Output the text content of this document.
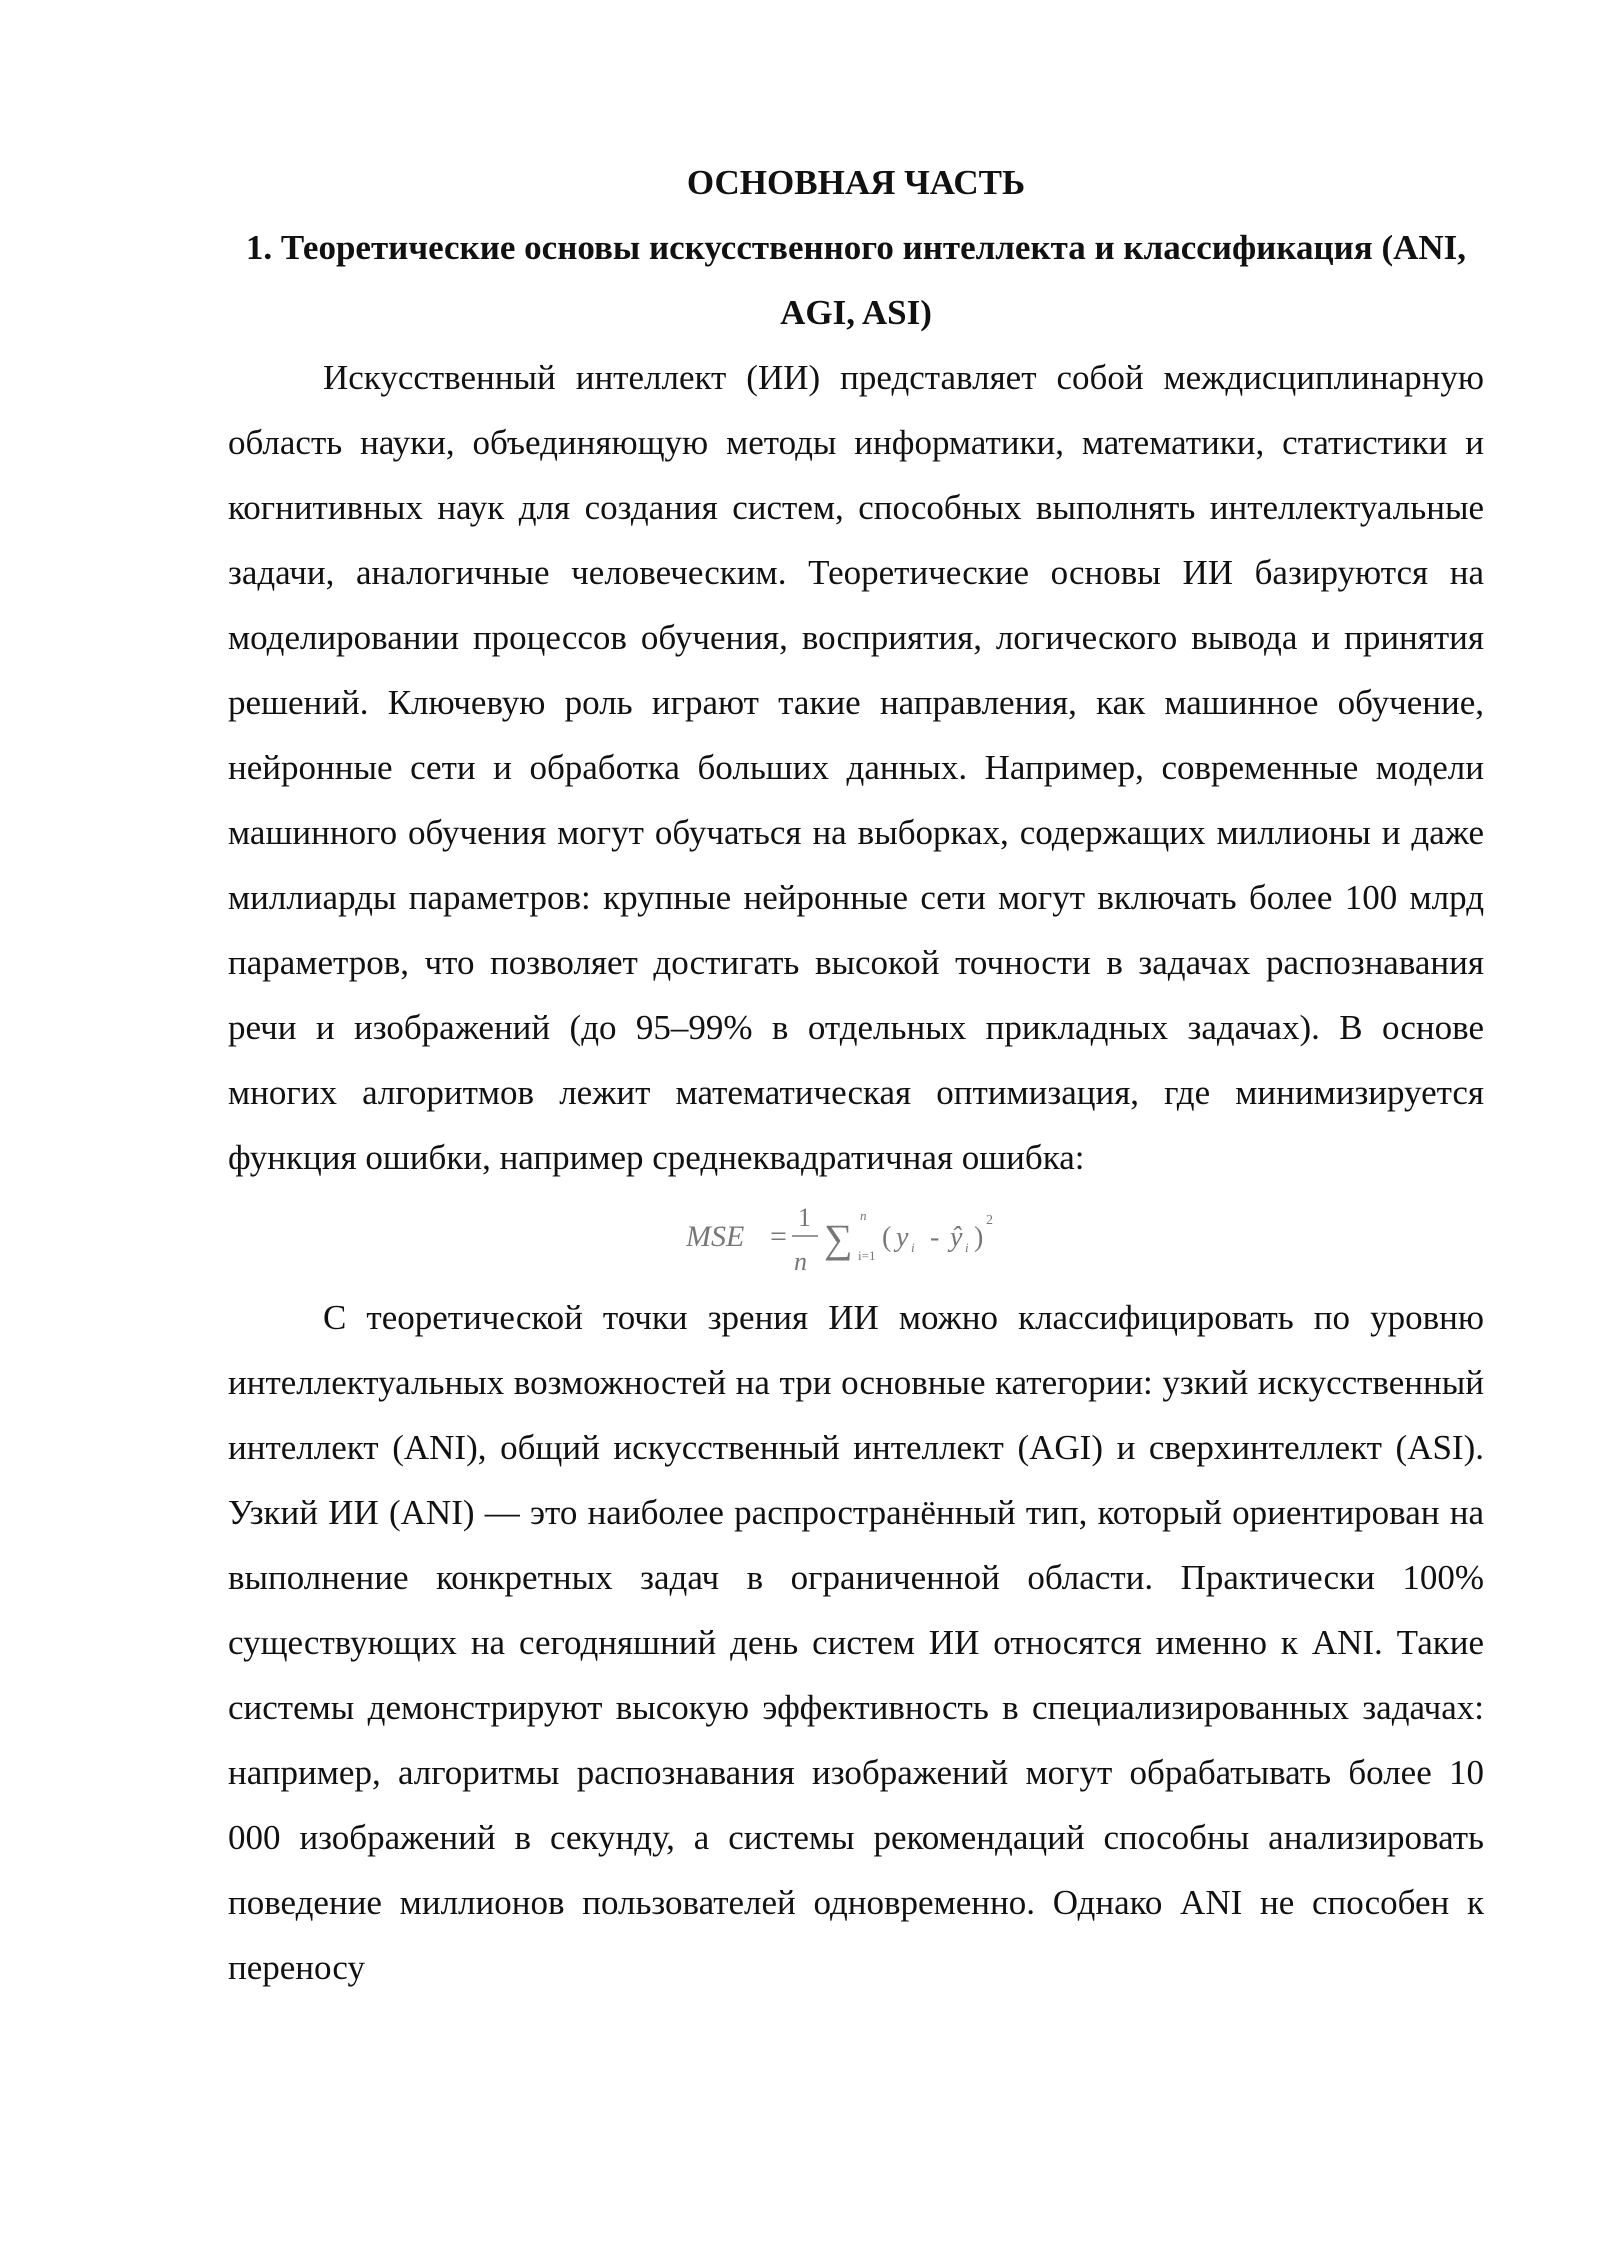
ОСНОВНАЯ ЧАСТЬ

1. Теоретические основы искусственного интеллекта и классификация (ANI, AGI, ASI)

Искусственный интеллект (ИИ) представляет собой междисциплинарную область науки, объединяющую методы информатики, математики, статистики и когнитивных наук для создания систем, способных выполнять интеллектуальные задачи, аналогичные человеческим. Теоретические основы ИИ базируются на моделировании процессов обучения, восприятия, логического вывода и принятия решений. Ключевую роль играют такие направления, как машинное обучение, нейронные сети и обработка больших данных. Например, современные модели машинного обучения могут обучаться на выборках, содержащих миллионы и даже миллиарды параметров: крупные нейронные сети могут включать более 100 млрд параметров, что позволяет достигать высокой точности в задачах распознавания речи и изображений (до 95–99% в отдельных прикладных задачах). В основе многих алгоритмов лежит математическая оптимизация, где минимизируется функция ошибки, например среднеквадратичная ошибка:

MSE =
1
n
∑
n
i=1
( y i - ŷ i )
2

С теоретической точки зрения ИИ можно классифицировать по уровню интеллектуальных возможностей на три основные категории: узкий искусственный интеллект (ANI), общий искусственный интеллект (AGI) и сверхинтеллект (ASI). Узкий ИИ (ANI) — это наиболее распространённый тип, который ориентирован на выполнение конкретных задач в ограниченной области. Практически 100% существующих на сегодняшний день систем ИИ относятся именно к ANI. Такие системы демонстрируют высокую эффективность в специализированных задачах: например, алгоритмы распознавания изображений могут обрабатывать более 10 000 изображений в секунду, а системы рекомендаций способны анализировать поведение миллионов пользователей одновременно. Однако ANI не способен к переносу
